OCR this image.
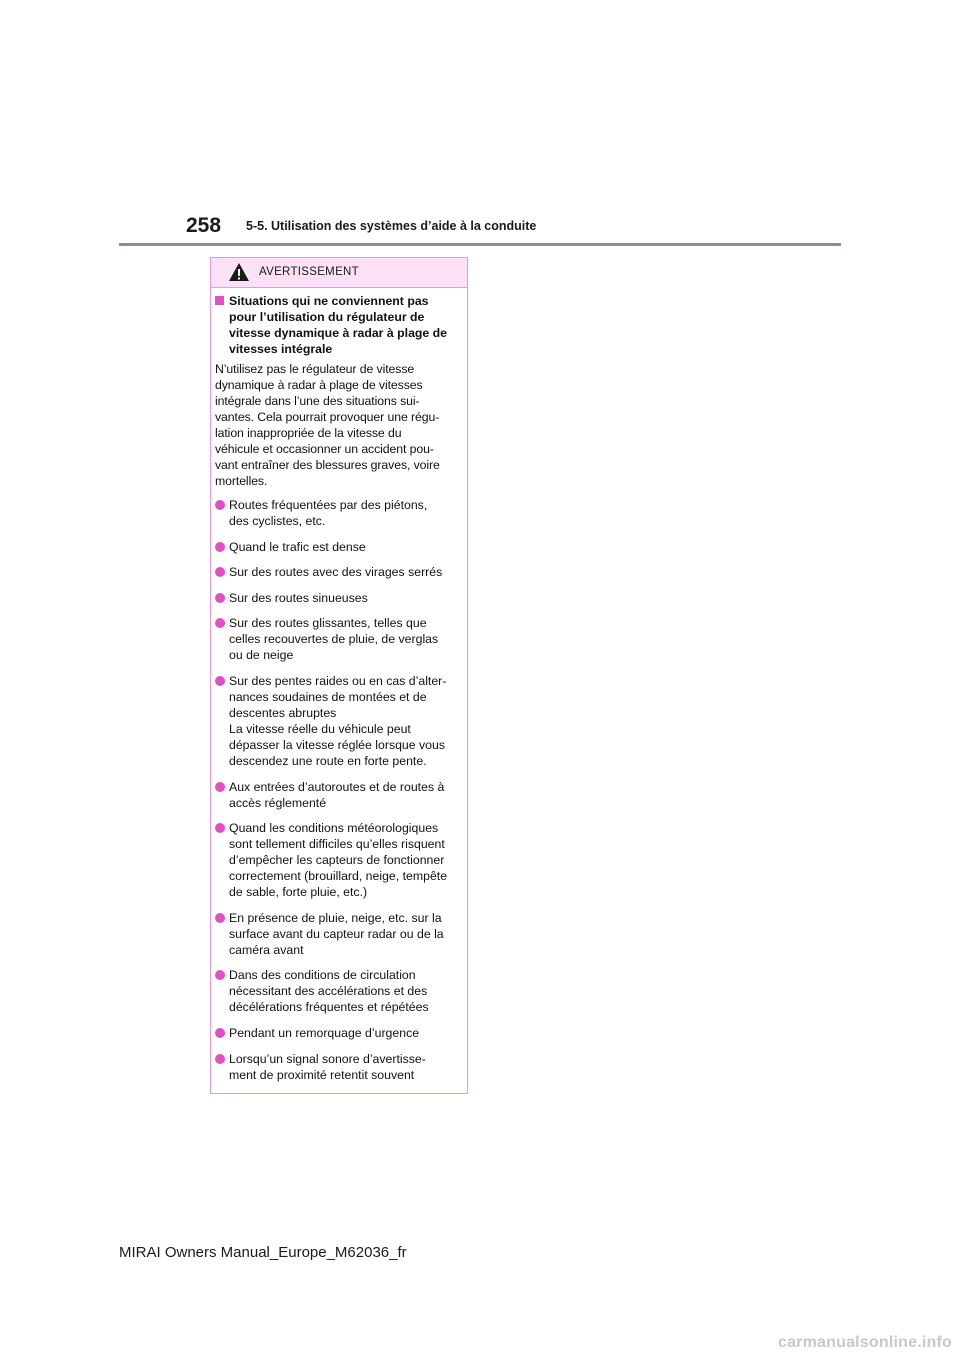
258 5-5. Utilisation des systèmes d’aide à la conduite
AVERTISSEMENT
Situations qui ne conviennent pas
pour l’utilisation du régulateur de
vitesse dynamique à radar à plage de
vitesses intégrale

N’utilisez pas le régulateur de vitesse
dynamique à radar à plage de vitesses
intégrale dans l’une des situations sui-
vantes. Cela pourrait provoquer une régu-
lation inappropriée de la vitesse du
véhicule et occasionner un accident pou-
vant entraîner des blessures graves, voire
mortelles.

Routes fréquentées par des piétons,
des cyclistes, etc.
Quand le trafic est dense
Sur des routes avec des virages serrés
Sur des routes sinueuses
Sur des routes glissantes, telles que
celles recouvertes de pluie, de verglas
ou de neige
Sur des pentes raides ou en cas d’alter-
nances soudaines de montées et de
descentes abruptes
La vitesse réelle du véhicule peut
dépasser la vitesse réglée lorsque vous
descendez une route en forte pente.
Aux entrées d’autoroutes et de routes à
accès réglementé
Quand les conditions météorologiques
sont tellement difficiles qu’elles risquent
d’empêcher les capteurs de fonctionner
correctement (brouillard, neige, tempête
de sable, forte pluie, etc.)
En présence de pluie, neige, etc. sur la
surface avant du capteur radar ou de la
caméra avant
Dans des conditions de circulation
nécessitant des accélérations et des
décélérations fréquentes et répétées
Pendant un remorquage d’urgence
Lorsqu’un signal sonore d’avertisse-
ment de proximité retentit souvent
MIRAI Owners Manual_Europe_M62036_fr
carmanualsonline.info
